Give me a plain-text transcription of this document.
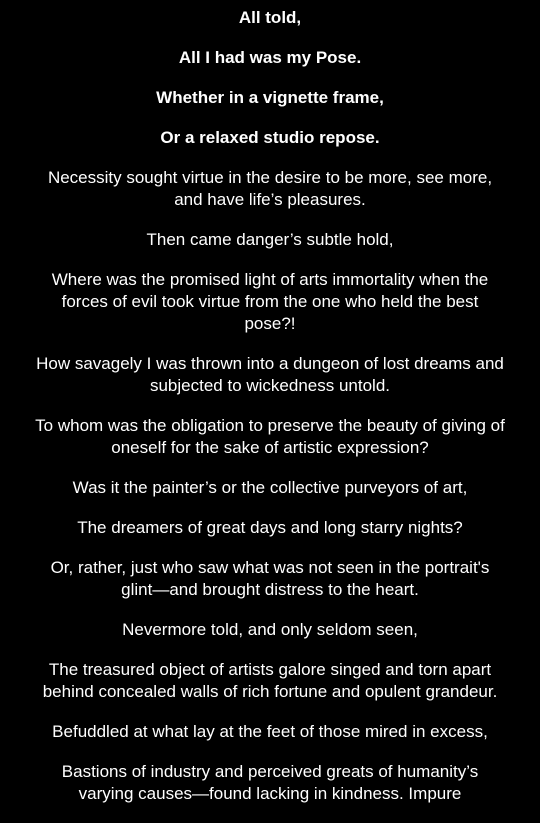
All told,

All I had was my Pose.

Whether in a vignette frame,

Or a relaxed studio repose.

Necessity sought virtue in the desire to be more, see more, and have life’s pleasures.

Then came danger’s subtle hold,

Where was the promised light of arts immortality when the forces of evil took virtue from the one who held the best pose?!

How savagely I was thrown into a dungeon of lost dreams and subjected to wickedness untold.

To whom was the obligation to preserve the beauty of giving of oneself for the sake of artistic expression?

Was it the painter’s or the collective purveyors of art,

The dreamers of great days and long starry nights?

Or, rather, just who saw what was not seen in the portrait's glint—and brought distress to the heart.

Nevermore told, and only seldom seen,

The treasured object of artists galore singed and torn apart behind concealed walls of rich fortune and opulent grandeur.

Befuddled at what lay at the feet of those mired in excess,

Bastions of industry and perceived greats of humanity’s varying causes—found lacking in kindness. Impure
